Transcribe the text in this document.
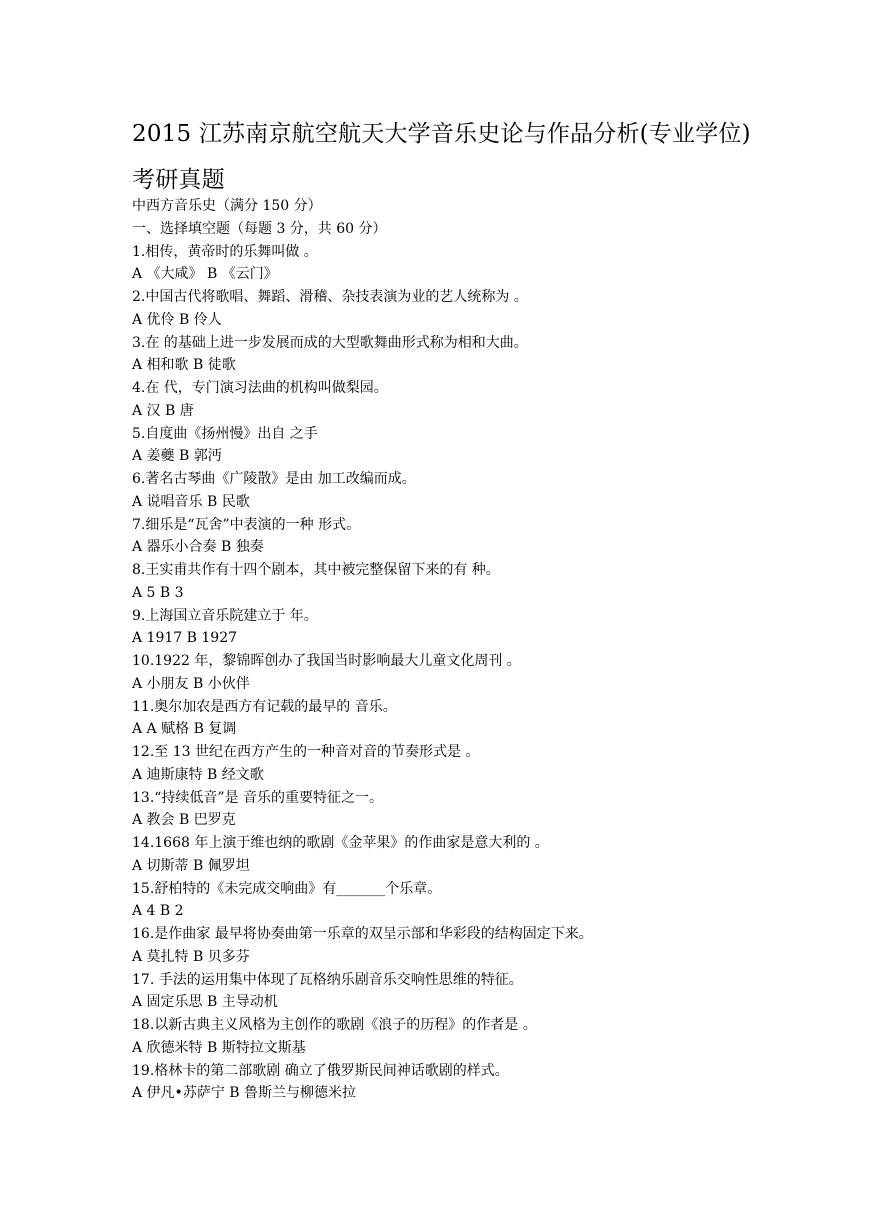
2015 江苏南京航空航天大学音乐史论与作品分析(专业学位)
考研真题
中西方音乐史（满分 150 分）
一、选择填空题（每题 3 分，共 60 分）
1.相传，黄帝时的乐舞叫做 。
A 《大咸》 B 《云门》
2.中国古代将歌唱、舞蹈、滑稽、杂技表演为业的艺人统称为 。
A 优伶 B 伶人
3.在 的基础上进一步发展而成的大型歌舞曲形式称为相和大曲。
A 相和歌 B 徒歌
4.在 代，专门演习法曲的机构叫做梨园。
A 汉 B 唐
5.自度曲《扬州慢》出自 之手
A 姜夔 B 郭沔
6.著名古琴曲《广陵散》是由 加工改编而成。
A 说唱音乐 B 民歌
7.细乐是“瓦舍”中表演的一种 形式。
A 器乐小合奏 B 独奏
8.王实甫共作有十四个剧本，其中被完整保留下来的有 种。
A 5 B 3
9.上海国立音乐院建立于 年。
A 1917 B 1927
10.1922 年，黎锦晖创办了我国当时影响最大儿童文化周刊 。
A 小朋友 B 小伙伴
11.奥尔加农是西方有记载的最早的 音乐。
A A 赋格 B 复调
12.至 13 世纪在西方产生的一种音对音的节奏形式是 。
A 迪斯康特 B 经文歌
13.“持续低音”是 音乐的重要特征之一。
A 教会 B 巴罗克
14.1668 年上演于维也纳的歌剧《金苹果》的作曲家是意大利的 。
A 切斯蒂 B 佩罗坦
15.舒柏特的《未完成交响曲》有_______个乐章。
A 4 B 2
16.是作曲家 最早将协奏曲第一乐章的双呈示部和华彩段的结构固定下来。
A 莫扎特 B 贝多芬
17. 手法的运用集中体现了瓦格纳乐剧音乐交响性思维的特征。
A 固定乐思 B 主导动机
18.以新古典主义风格为主创作的歌剧《浪子的历程》的作者是 。
A 欣德米特 B 斯特拉文斯基
19.格林卡的第二部歌剧 确立了俄罗斯民间神话歌剧的样式。
A 伊凡•苏萨宁 B 鲁斯兰与柳德米拉
